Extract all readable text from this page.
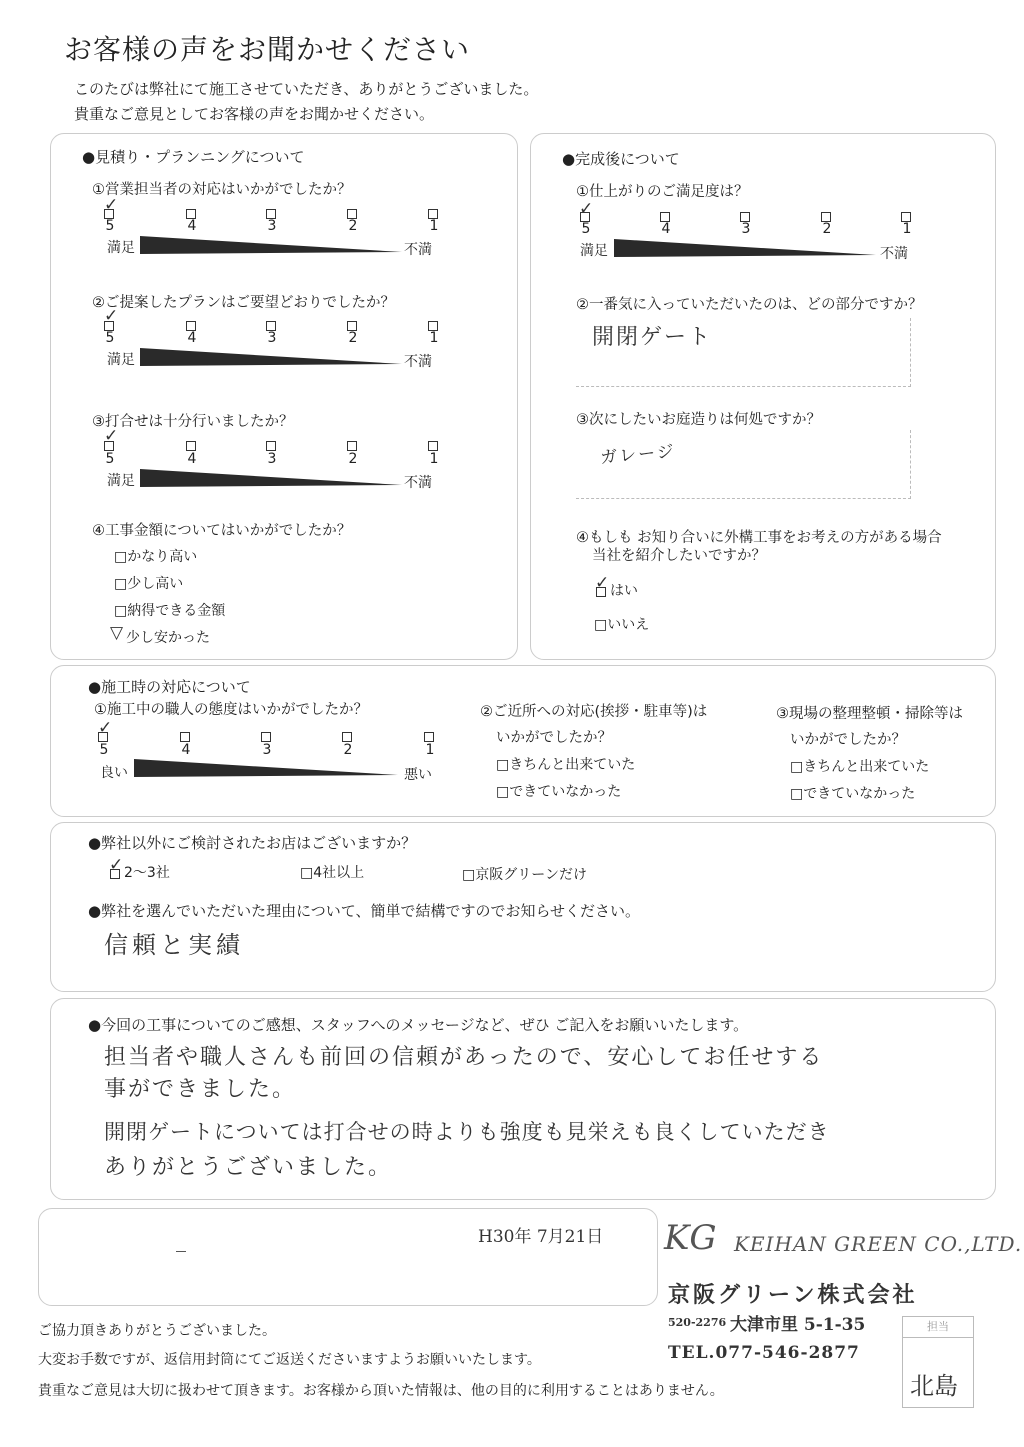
お客様の声をお聞かせください
このたびは弊社にて施工させていただき、ありがとうございました。
貴重なご意見としてお客様の声をお聞かせください。
●見積り・プランニングについて
①営業担当者の対応はいかがでしたか？
✓
5	4	3	2	1
満足	不満
②ご提案したプランはご要望どおりでしたか？
✓
5	4	3	2	1
満足	不満
③打合せは十分行いましたか？
✓
5	4	3	2	1
満足	不満
④工事金額についてはいかがでしたか？
□かなり高い
□少し高い
□納得できる金額
▽ 少し安かった
●完成後について
①仕上がりのご満足度は？
✓
5	4	3	2	1
満足	不満
②一番気に入っていただいたのは、どの部分ですか？
開閉ゲート
③次にしたいお庭造りは何処ですか？
ガレージ
④もしも お知り合いに外構工事をお考えの方がある場合
当社を紹介したいですか？
✓ はい
□いいえ
●施工時の対応について
①施工中の職人の態度はいかがでしたか？
✓
5	4	3	2	1
良い	悪い
②ご近所への対応(挨拶・駐車等)は
いかがでしたか？
□きちんと出来ていた
□できていなかった
③現場の整理整頓・掃除等は
いかがでしたか？
□きちんと出来ていた
□できていなかった
●弊社以外にご検討されたお店はございますか？
✓ 2～3社	□4社以上	□京阪グリーンだけ
●弊社を選んでいただいた理由について、簡単で結構ですのでお知らせください。
信頼と実績
●今回の工事についてのご感想、スタッフへのメッセージなど、ぜひ ご記入をお願いいたします。
担当者や職人さんも前回の信頼があったので、安心してお任せする
事ができました。
開閉ゲートについては打合せの時よりも強度も見栄えも良くしていただき
ありがとうございました。
H30年 7月21日 KG KEIHAN GREEN CO.,LTD.
京阪グリーン株式会社
520-2276 大津市里 5-1-35
TEL.077-546-2877
担当
北島
ご協力頂きありがとうございました。
大変お手数ですが、返信用封筒にてご返送くださいますようお願いいたします。
貴重なご意見は大切に扱わせて頂きます。お客様から頂いた情報は、他の目的に利用することはありません。
